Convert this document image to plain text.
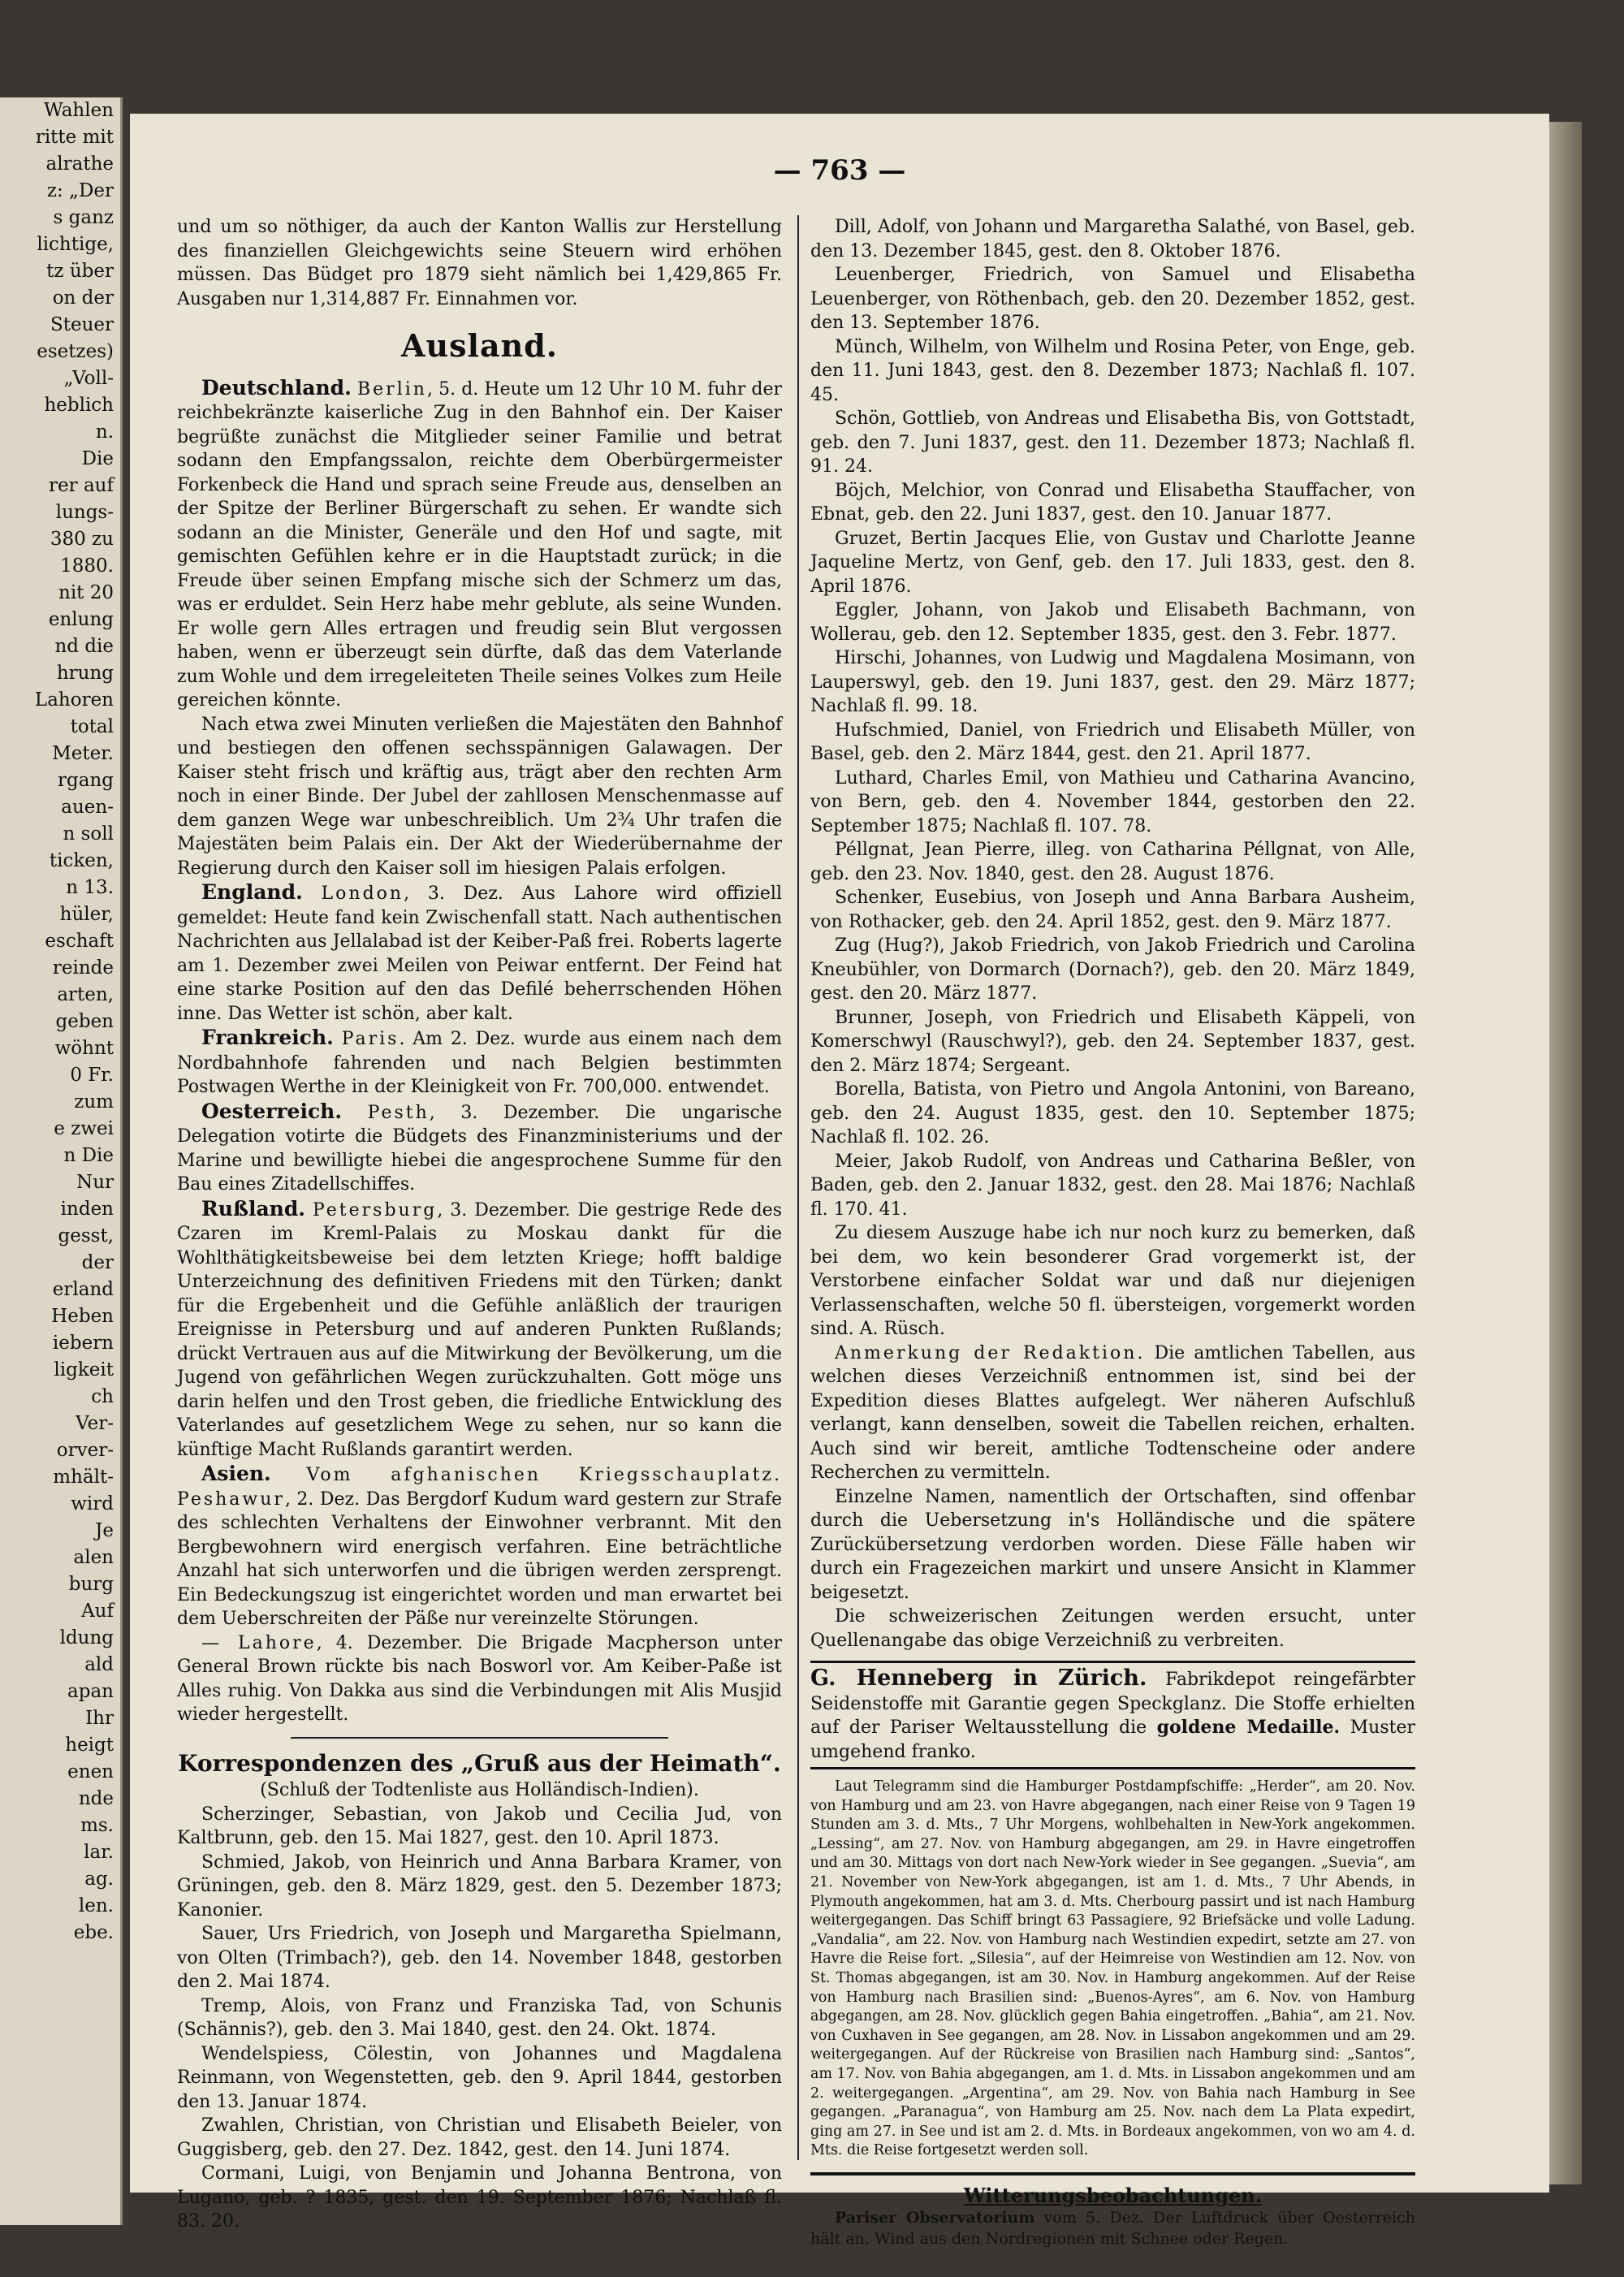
Wahlen
ritte mit
alrathe
z: „Der
s ganz
lichtige,
tz über
on der
Steuer
esetzes)
„Voll-
heblich
n.
Die
rer auf
lungs-
380 zu
1880.
nit 20
enlung
nd die
hrung
Lahoren
total
Meter.
rgang
auen-
n soll
ticken,
n 13.
hüler,
eschaft
reinde
arten,
geben
wöhnt
0 Fr.
zum
e zwei
n Die
Nur
inden
gesst,
der
erland
Heben
iebern
ligkeit
ch
Ver-
orver-
mhält-
wird
Je
alen
burg
Auf
ldung
ald
apan
Ihr
heigt
enen
nde
ms.
lar.
ag.
len.
ebe.
— 763 —

und um so nöthiger, da auch der Kanton Wallis zur Herstellung des finanziellen Gleichgewichts seine Steuern wird erhöhen müssen. Das Büdget pro 1879 sieht nämlich bei 1,429,865 Fr. Ausgaben nur 1,314,887 Fr. Einnahmen vor.

Ausland.

Deutschland. Berlin, 5. d. Heute um 12 Uhr 10 M. fuhr der reichbekränzte kaiserliche Zug in den Bahnhof ein. Der Kaiser begrüßte zunächst die Mitglieder seiner Familie und betrat sodann den Empfangssalon, reichte dem Oberbürgermeister Forkenbeck die Hand und sprach seine Freude aus, denselben an der Spitze der Berliner Bürgerschaft zu sehen. Er wandte sich sodann an die Minister, Generäle und den Hof und sagte, mit gemischten Gefühlen kehre er in die Hauptstadt zurück; in die Freude über seinen Empfang mische sich der Schmerz um das, was er erduldet. Sein Herz habe mehr geblute, als seine Wunden. Er wolle gern Alles ertragen und freudig sein Blut vergossen haben, wenn er überzeugt sein dürfte, daß das dem Vaterlande zum Wohle und dem irregeleiteten Theile seines Volkes zum Heile gereichen könnte.

Nach etwa zwei Minuten verließen die Majestäten den Bahnhof und bestiegen den offenen sechsspännigen Galawagen. Der Kaiser steht frisch und kräftig aus, trägt aber den rechten Arm noch in einer Binde. Der Jubel der zahllosen Menschenmasse auf dem ganzen Wege war unbeschreiblich. Um 2¾ Uhr trafen die Majestäten beim Palais ein. Der Akt der Wiederübernahme der Regierung durch den Kaiser soll im hiesigen Palais erfolgen.

England. London, 3. Dez. Aus Lahore wird offiziell gemeldet: Heute fand kein Zwischenfall statt. Nach authentischen Nachrichten aus Jellalabad ist der Keiber-Paß frei. Roberts lagerte am 1. Dezember zwei Meilen von Peiwar entfernt. Der Feind hat eine starke Position auf den das Defilé beherrschenden Höhen inne. Das Wetter ist schön, aber kalt.

Frankreich. Paris. Am 2. Dez. wurde aus einem nach dem Nordbahnhofe fahrenden und nach Belgien bestimmten Postwagen Werthe in der Kleinigkeit von Fr. 700,000. entwendet.

Oesterreich. Pesth, 3. Dezember. Die ungarische Delegation votirte die Büdgets des Finanzministeriums und der Marine und bewilligte hiebei die angesprochene Summe für den Bau eines Zitadellschiffes.

Rußland. Petersburg, 3. Dezember. Die gestrige Rede des Czaren im Kreml-Palais zu Moskau dankt für die Wohlthätigkeitsbeweise bei dem letzten Kriege; hofft baldige Unterzeichnung des definitiven Friedens mit den Türken; dankt für die Ergebenheit und die Gefühle anläßlich der traurigen Ereignisse in Petersburg und auf anderen Punkten Rußlands; drückt Vertrauen aus auf die Mitwirkung der Bevölkerung, um die Jugend von gefährlichen Wegen zurückzuhalten. Gott möge uns darin helfen und den Trost geben, die friedliche Entwicklung des Vaterlandes auf gesetzlichem Wege zu sehen, nur so kann die künftige Macht Rußlands garantirt werden.

Asien. Vom afghanischen Kriegsschauplatz. Peshawur, 2. Dez. Das Bergdorf Kudum ward gestern zur Strafe des schlechten Verhaltens der Einwohner verbrannt. Mit den Bergbewohnern wird energisch verfahren. Eine beträchtliche Anzahl hat sich unterworfen und die übrigen werden zersprengt. Ein Bedeckungszug ist eingerichtet worden und man erwartet bei dem Ueberschreiten der Päße nur vereinzelte Störungen.

— Lahore, 4. Dezember. Die Brigade Macpherson unter General Brown rückte bis nach Bosworl vor. Am Keiber-Paße ist Alles ruhig. Von Dakka aus sind die Verbindungen mit Alis Musjid wieder hergestellt.

Korrespondenzen des „Gruß aus der Heimath“.

(Schluß der Todtenliste aus Holländisch-Indien).

Scherzinger, Sebastian, von Jakob und Cecilia Jud, von Kaltbrunn, geb. den 15. Mai 1827, gest. den 10. April 1873.

Schmied, Jakob, von Heinrich und Anna Barbara Kramer, von Grüningen, geb. den 8. März 1829, gest. den 5. Dezember 1873; Kanonier.

Sauer, Urs Friedrich, von Joseph und Margaretha Spielmann, von Olten (Trimbach?), geb. den 14. November 1848, gestorben den 2. Mai 1874.

Tremp, Alois, von Franz und Franziska Tad, von Schunis (Schännis?), geb. den 3. Mai 1840, gest. den 24. Okt. 1874.

Wendelspiess, Cölestin, von Johannes und Magdalena Reinmann, von Wegenstetten, geb. den 9. April 1844, gestorben den 13. Januar 1874.

Zwahlen, Christian, von Christian und Elisabeth Beieler, von Guggisberg, geb. den 27. Dez. 1842, gest. den 14. Juni 1874.

Cormani, Luigi, von Benjamin und Johanna Bentrona, von Lugano, geb. ? 1835, gest. den 19. September 1876; Nachlaß fl. 83. 20.

Dill, Adolf, von Johann und Margaretha Salathé, von Basel, geb. den 13. Dezember 1845, gest. den 8. Oktober 1876.

Leuenberger, Friedrich, von Samuel und Elisabetha Leuenberger, von Röthenbach, geb. den 20. Dezember 1852, gest. den 13. September 1876.

Münch, Wilhelm, von Wilhelm und Rosina Peter, von Enge, geb. den 11. Juni 1843, gest. den 8. Dezember 1873; Nachlaß fl. 107. 45.

Schön, Gottlieb, von Andreas und Elisabetha Bis, von Gottstadt, geb. den 7. Juni 1837, gest. den 11. Dezember 1873; Nachlaß fl. 91. 24.

Böjch, Melchior, von Conrad und Elisabetha Stauffacher, von Ebnat, geb. den 22. Juni 1837, gest. den 10. Januar 1877.

Gruzet, Bertin Jacques Elie, von Gustav und Charlotte Jeanne Jaqueline Mertz, von Genf, geb. den 17. Juli 1833, gest. den 8. April 1876.

Eggler, Johann, von Jakob und Elisabeth Bachmann, von Wollerau, geb. den 12. September 1835, gest. den 3. Febr. 1877.

Hirschi, Johannes, von Ludwig und Magdalena Mosimann, von Lauperswyl, geb. den 19. Juni 1837, gest. den 29. März 1877; Nachlaß fl. 99. 18.

Hufschmied, Daniel, von Friedrich und Elisabeth Müller, von Basel, geb. den 2. März 1844, gest. den 21. April 1877.

Luthard, Charles Emil, von Mathieu und Catharina Avancino, von Bern, geb. den 4. November 1844, gestorben den 22. September 1875; Nachlaß fl. 107. 78.

Péllgnat, Jean Pierre, illeg. von Catharina Péllgnat, von Alle, geb. den 23. Nov. 1840, gest. den 28. August 1876.

Schenker, Eusebius, von Joseph und Anna Barbara Ausheim, von Rothacker, geb. den 24. April 1852, gest. den 9. März 1877.

Zug (Hug?), Jakob Friedrich, von Jakob Friedrich und Carolina Kneubühler, von Dormarch (Dornach?), geb. den 20. März 1849, gest. den 20. März 1877.

Brunner, Joseph, von Friedrich und Elisabeth Käppeli, von Komerschwyl (Rauschwyl?), geb. den 24. September 1837, gest. den 2. März 1874; Sergeant.

Borella, Batista, von Pietro und Angola Antonini, von Bareano, geb. den 24. August 1835, gest. den 10. September 1875; Nachlaß fl. 102. 26.

Meier, Jakob Rudolf, von Andreas und Catharina Beßler, von Baden, geb. den 2. Januar 1832, gest. den 28. Mai 1876; Nachlaß fl. 170. 41.

Zu diesem Auszuge habe ich nur noch kurz zu bemerken, daß bei dem, wo kein besonderer Grad vorgemerkt ist, der Verstorbene einfacher Soldat war und daß nur diejenigen Verlassenschaften, welche 50 fl. übersteigen, vorgemerkt worden sind. A. Rüsch.

Anmerkung der Redaktion. Die amtlichen Tabellen, aus welchen dieses Verzeichniß entnommen ist, sind bei der Expedition dieses Blattes aufgelegt. Wer näheren Aufschluß verlangt, kann denselben, soweit die Tabellen reichen, erhalten. Auch sind wir bereit, amtliche Todtenscheine oder andere Recherchen zu vermitteln.

Einzelne Namen, namentlich der Ortschaften, sind offenbar durch die Uebersetzung in's Holländische und die spätere Zurückübersetzung verdorben worden. Diese Fälle haben wir durch ein Fragezeichen markirt und unsere Ansicht in Klammer beigesetzt.

Die schweizerischen Zeitungen werden ersucht, unter Quellenangabe das obige Verzeichniß zu verbreiten.

G. Henneberg in Zürich. Fabrikdepot reingefärbter Seidenstoffe mit Garantie gegen Speckglanz. Die Stoffe erhielten auf der Pariser Weltausstellung die goldene Medaille. Muster umgehend franko.

Laut Telegramm sind die Hamburger Postdampfschiffe: „Herder“, am 20. Nov. von Hamburg und am 23. von Havre abgegangen, nach einer Reise von 9 Tagen 19 Stunden am 3. d. Mts., 7 Uhr Morgens, wohlbehalten in New-York angekommen. „Lessing“, am 27. Nov. von Hamburg abgegangen, am 29. in Havre eingetroffen und am 30. Mittags von dort nach New-York wieder in See gegangen. „Suevia“, am 21. November von New-York abgegangen, ist am 1. d. Mts., 7 Uhr Abends, in Plymouth angekommen, hat am 3. d. Mts. Cherbourg passirt und ist nach Hamburg weitergegangen. Das Schiff bringt 63 Passagiere, 92 Briefsäcke und volle Ladung. „Vandalia“, am 22. Nov. von Hamburg nach Westindien expedirt, setzte am 27. von Havre die Reise fort. „Silesia“, auf der Heimreise von Westindien am 12. Nov. von St. Thomas abgegangen, ist am 30. Nov. in Hamburg angekommen. Auf der Reise von Hamburg nach Brasilien sind: „Buenos-Ayres“, am 6. Nov. von Hamburg abgegangen, am 28. Nov. glücklich gegen Bahia eingetroffen. „Bahia“, am 21. Nov. von Cuxhaven in See gegangen, am 28. Nov. in Lissabon angekommen und am 29. weitergegangen. Auf der Rückreise von Brasilien nach Hamburg sind: „Santos“, am 17. Nov. von Bahia abgegangen, am 1. d. Mts. in Lissabon angekommen und am 2. weitergegangen. „Argentina“, am 29. Nov. von Bahia nach Hamburg in See gegangen. „Paranagua“, von Hamburg am 25. Nov. nach dem La Plata expedirt, ging am 27. in See und ist am 2. d. Mts. in Bordeaux angekommen, von wo am 4. d. Mts. die Reise fortgesetzt werden soll.

Witterungsbeobachtungen.

Pariser Observatorium vom 5. Dez. Der Luftdruck über Oesterreich hält an. Wind aus den Nordregionen mit Schnee oder Regen.
